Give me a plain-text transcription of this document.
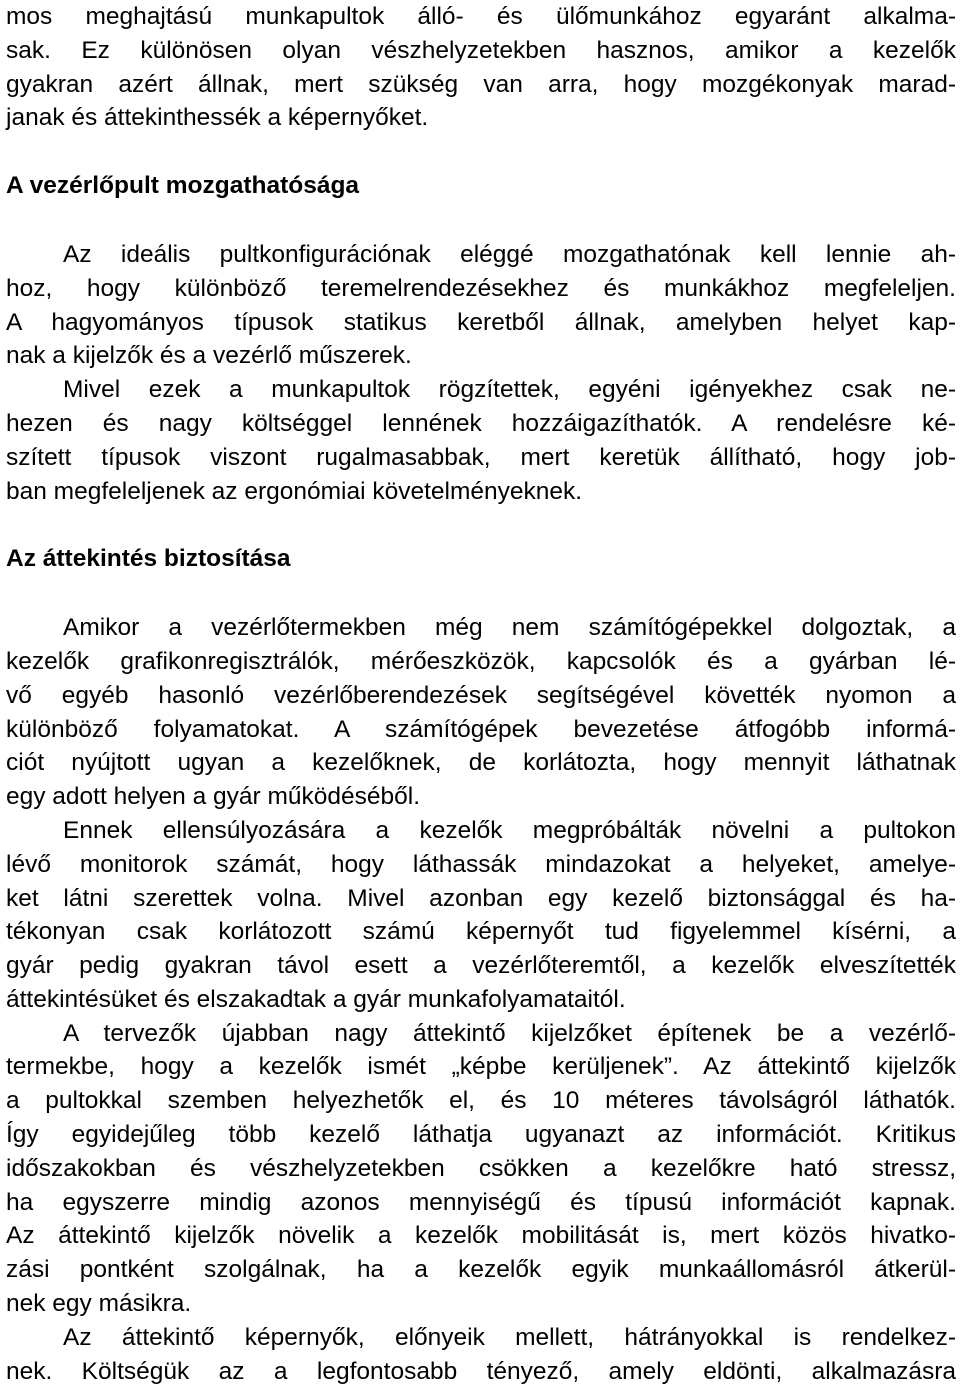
mos meghajtású munkapultok álló- és ülőmunkához egyaránt alkalma-
sak. Ez különösen olyan vészhelyzetekben hasznos, amikor a kezelők
gyakran azért állnak, mert szükség van arra, hogy mozgékonyak marad-
janak és áttekinthessék a képernyőket.
A vezérlőpult mozgathatósága
Az ideális pultkonfigurációnak eléggé mozgathatónak kell lennie ah-
hoz, hogy különböző teremelrendezésekhez és munkákhoz megfeleljen.
A hagyományos típusok statikus keretből állnak, amelyben helyet kap-
nak a kijelzők és a vezérlő műszerek.
Mivel ezek a munkapultok rögzítettek, egyéni igényekhez csak ne-
hezen és nagy költséggel lennének hozzáigazíthatók. A rendelésre ké-
szített típusok viszont rugalmasabbak, mert keretük állítható, hogy job-
ban megfeleljenek az ergonómiai követelményeknek.
Az áttekintés biztosítása
Amikor a vezérlőtermekben még nem számítógépekkel dolgoztak, a
kezelők grafikonregisztrálók, mérőeszközök, kapcsolók és a gyárban lé-
vő egyéb hasonló vezérlőberendezések segítségével követték nyomon a
különböző folyamatokat. A számítógépek bevezetése átfogóbb informá-
ciót nyújtott ugyan a kezelőknek, de korlátozta, hogy mennyit láthatnak
egy adott helyen a gyár működéséből.
Ennek ellensúlyozására a kezelők megpróbálták növelni a pultokon
lévő monitorok számát, hogy láthassák mindazokat a helyeket, amelye-
ket látni szerettek volna. Mivel azonban egy kezelő biztonsággal és ha-
tékonyan csak korlátozott számú képernyőt tud figyelemmel kísérni, a
gyár pedig gyakran távol esett a vezérlőteremtől, a kezelők elveszítették
áttekintésüket és elszakadtak a gyár munkafolyamataitól.
A tervezők újabban nagy áttekintő kijelzőket építenek be a vezérlő-
termekbe, hogy a kezelők ismét „képbe kerüljenek”. Az áttekintő kijelzők
a pultokkal szemben helyezhetők el, és 10 méteres távolságról láthatók.
Így egyidejűleg több kezelő láthatja ugyanazt az információt. Kritikus
időszakokban és vészhelyzetekben csökken a kezelőkre ható stressz,
ha egyszerre mindig azonos mennyiségű és típusú információt kapnak.
Az áttekintő kijelzők növelik a kezelők mobilitását is, mert közös hivatko-
zási pontként szolgálnak, ha a kezelők egyik munkaállomásról átkerül-
nek egy másikra.
Az áttekintő képernyők, előnyeik mellett, hátrányokkal is rendelkez-
nek. Költségük az a legfontosabb tényező, amely eldönti, alkalmazásra
